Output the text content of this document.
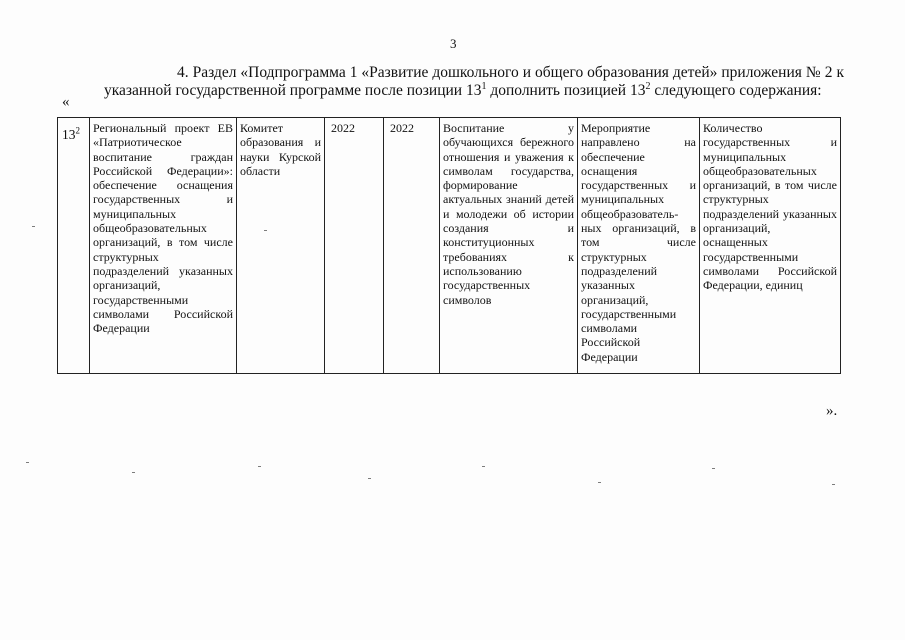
3
4. Раздел «Подпрограмма 1 «Развитие дошкольного и общего образования детей» приложения № 2 к указанной государственной программе после позиции $13^1$ дополнить позицией $13^2$ следующего содержания:
«
$13^2$	Региональный проект ЕВ «Патриотическое воспитание граждан Российской Федерации»: обеспечение оснащения государственных и муниципальных общеобразовательных организаций, в том числе структурных подразделений указанных организаций, государственными символами Российской Федерации	Комитет образования и науки Курской области	2022	2022	Воспитание у обучающихся бережного отношения и уважения к символам государства, формирование актуальных знаний детей и молодежи об истории создания и конституционных требованиях к использованию государственных символов	Мероприятие направлено на обеспечение оснащения государственных и муниципальных общеобразователь-ных организаций, в том числе структурных подразделений указанных организаций, государственными символами Российской Федерации	Количество государственных и муниципальных общеобразовательных организаций, в том числе структурных подразделений указанных организаций, оснащенных государственными символами Российской Федерации, единиц
».
